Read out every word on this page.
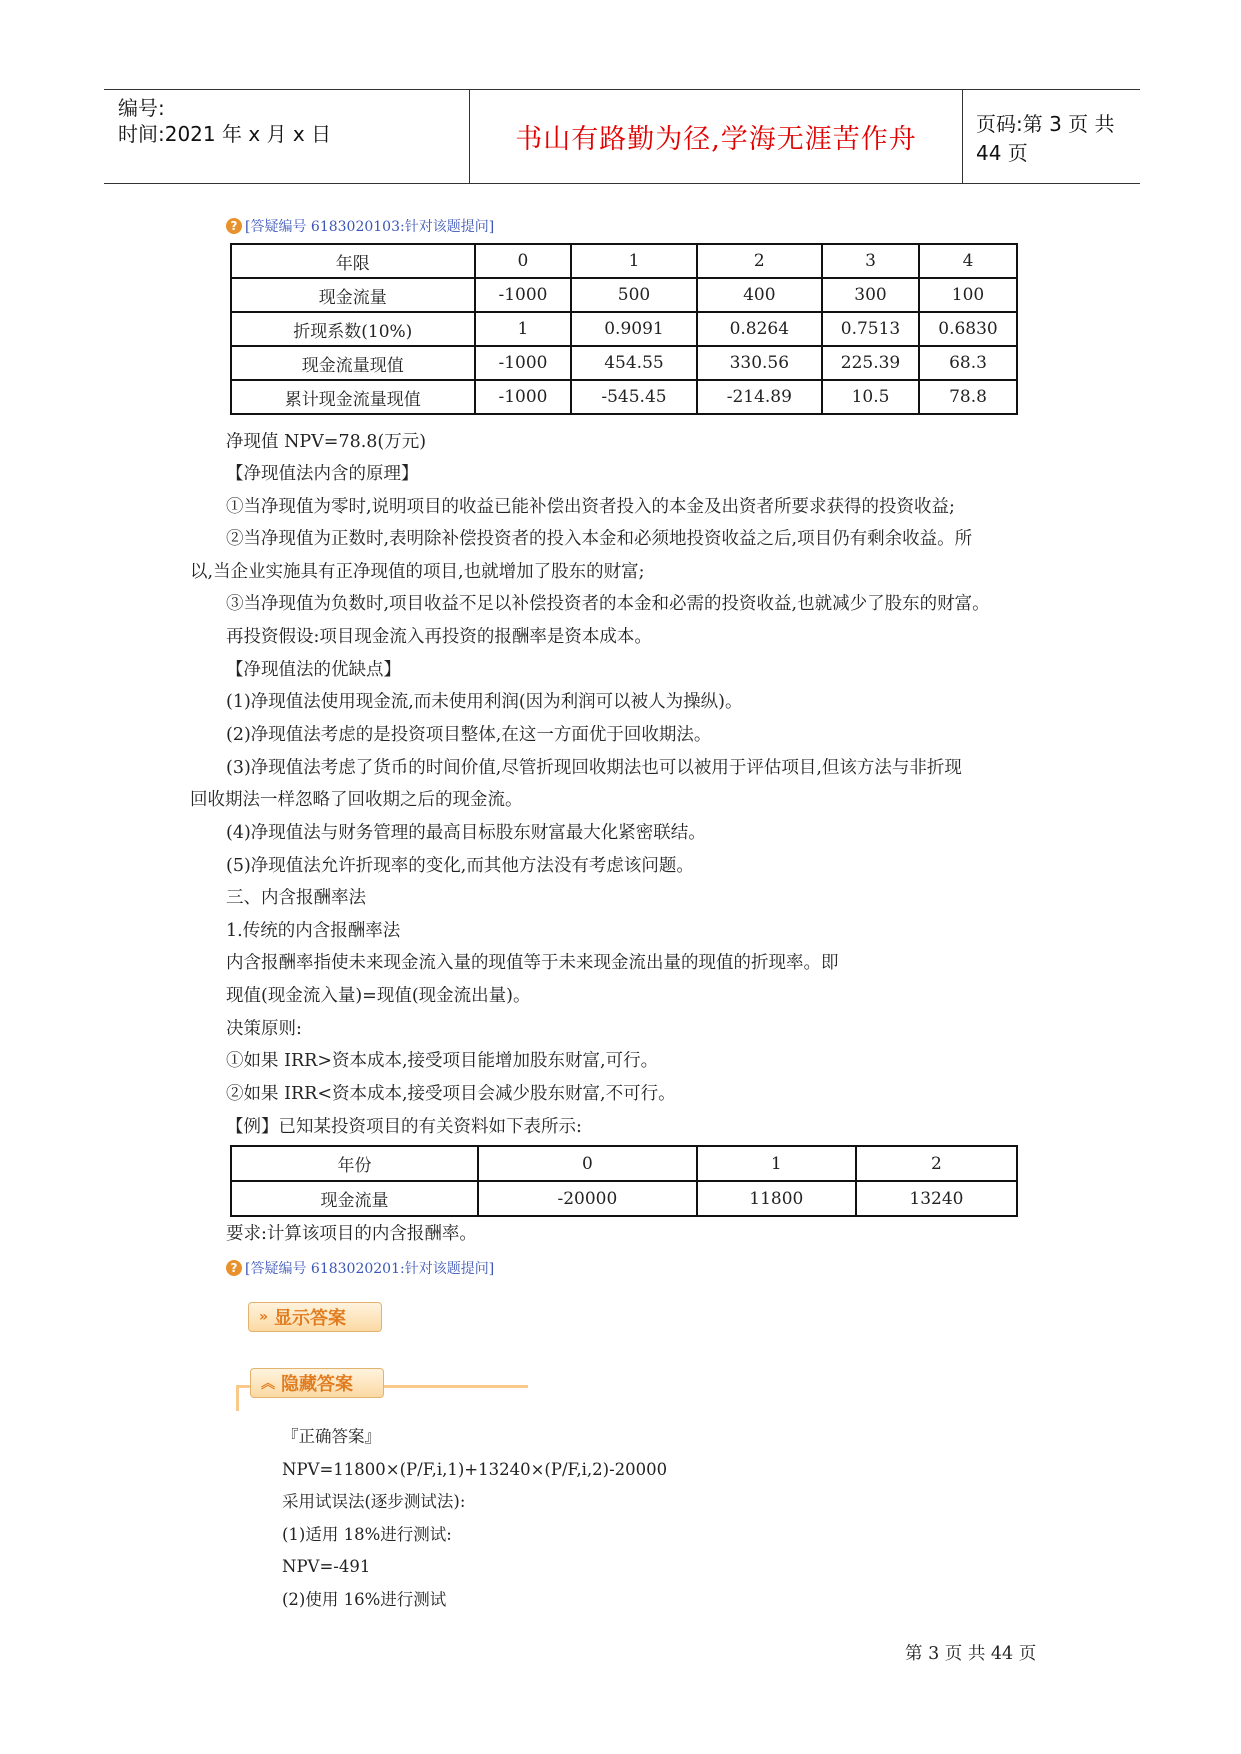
编号:
时间:2021 年 x 月 x 日	书山有路勤为径,学海无涯苦作舟
页码:第 3 页 共 44 页
? [答疑编号 6183020103:针对该题提问]
年限	0	1	2	3	4
现金流量	-1000	500	400	300	100
折现系数(10%)	1	0.9091	0.8264	0.7513	0.6830
现金流量现值	-1000	454.55	330.56	225.39	68.3
累计现金流量现值	-1000	-545.45	-214.89	10.5	78.8
净现值 NPV=78.8(万元)
【净现值法内含的原理】
①当净现值为零时,说明项目的收益已能补偿出资者投入的本金及出资者所要求获得的投资收益;
②当净现值为正数时,表明除补偿投资者的投入本金和必须地投资收益之后,项目仍有剩余收益。所
以,当企业实施具有正净现值的项目,也就增加了股东的财富;
③当净现值为负数时,项目收益不足以补偿投资者的本金和必需的投资收益,也就减少了股东的财富。
再投资假设:项目现金流入再投资的报酬率是资本成本。
【净现值法的优缺点】
(1)净现值法使用现金流,而未使用利润(因为利润可以被人为操纵)。
(2)净现值法考虑的是投资项目整体,在这一方面优于回收期法。
(3)净现值法考虑了货币的时间价值,尽管折现回收期法也可以被用于评估项目,但该方法与非折现
回收期法一样忽略了回收期之后的现金流。
(4)净现值法与财务管理的最高目标股东财富最大化紧密联结。
(5)净现值法允许折现率的变化,而其他方法没有考虑该问题。
三、内含报酬率法
1.传统的内含报酬率法
内含报酬率指使未来现金流入量的现值等于未来现金流出量的现值的折现率。即
现值(现金流入量)=现值(现金流出量)。
决策原则:
①如果 IRR>资本成本,接受项目能增加股东财富,可行。
②如果 IRR<资本成本,接受项目会减少股东财富,不可行。
【例】已知某投资项目的有关资料如下表所示:
年份	0	1	2
现金流量	-20000	11800	13240
要求:计算该项目的内含报酬率。
? [答疑编号 6183020201:针对该题提问]
» 显示答案
︽ 隐藏答案
『正确答案』
NPV=11800×(P/F,i,1)+13240×(P/F,i,2)-20000
采用试误法(逐步测试法):
(1)适用 18%进行测试:
NPV=-491
(2)使用 16%进行测试
第 3 页 共 44 页
